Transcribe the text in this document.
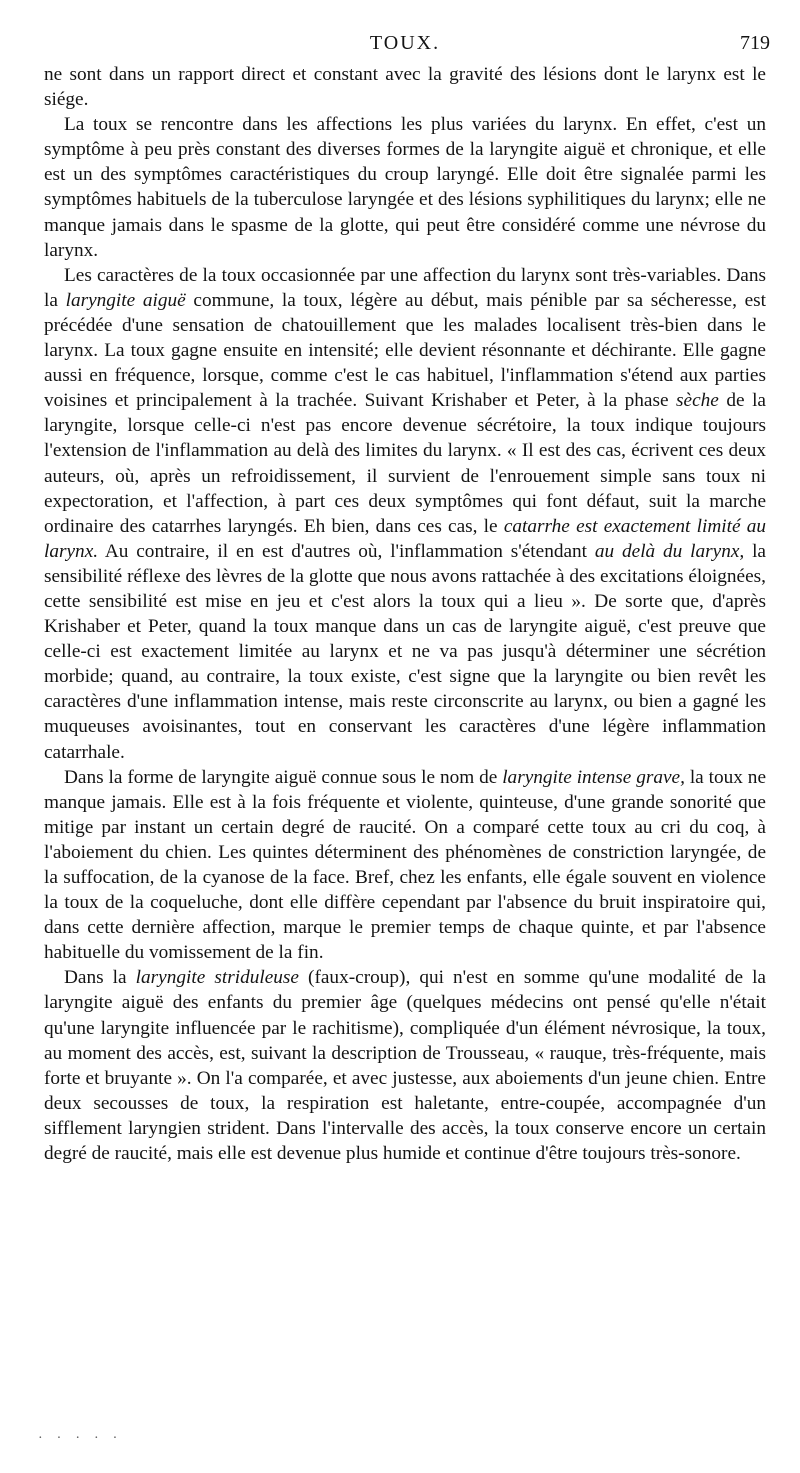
TOUX.	719

ne sont dans un rapport direct et constant avec la gravité des lésions dont le larynx est le siége.

La toux se rencontre dans les affections les plus variées du larynx. En effet, c'est un symptôme à peu près constant des diverses formes de la laryngite aiguë et chronique, et elle est un des symptômes caractéristiques du croup laryngé. Elle doit être signalée parmi les symptômes habituels de la tuberculose laryngée et des lésions syphilitiques du larynx; elle ne manque jamais dans le spasme de la glotte, qui peut être considéré comme une névrose du larynx.

Les caractères de la toux occasionnée par une affection du larynx sont très-variables. Dans la laryngite aiguë commune, la toux, légère au début, mais pénible par sa sécheresse, est précédée d'une sensation de chatouillement que les malades localisent très-bien dans le larynx. La toux gagne ensuite en intensité; elle devient résonnante et déchirante. Elle gagne aussi en fréquence, lorsque, comme c'est le cas habituel, l'inflammation s'étend aux parties voisines et principalement à la trachée. Suivant Krishaber et Peter, à la phase sèche de la laryngite, lorsque celle-ci n'est pas encore devenue sécrétoire, la toux indique toujours l'extension de l'inflammation au delà des limites du larynx. « Il est des cas, écrivent ces deux auteurs, où, après un refroidissement, il survient de l'enrouement simple sans toux ni expectoration, et l'affection, à part ces deux symptômes qui font défaut, suit la marche ordinaire des catarrhes laryngés. Eh bien, dans ces cas, le catarrhe est exactement limité au larynx. Au contraire, il en est d'autres où, l'inflammation s'étendant au delà du larynx, la sensibilité réflexe des lèvres de la glotte que nous avons rattachée à des excitations éloignées, cette sensibilité est mise en jeu et c'est alors la toux qui a lieu ». De sorte que, d'après Krishaber et Peter, quand la toux manque dans un cas de laryngite aiguë, c'est preuve que celle-ci est exactement limitée au larynx et ne va pas jusqu'à déterminer une sécrétion morbide; quand, au contraire, la toux existe, c'est signe que la laryngite ou bien revêt les caractères d'une inflammation intense, mais reste circonscrite au larynx, ou bien a gagné les muqueuses avoisinantes, tout en conservant les caractères d'une légère inflammation catarrhale.

Dans la forme de laryngite aiguë connue sous le nom de laryngite intense grave, la toux ne manque jamais. Elle est à la fois fréquente et violente, quinteuse, d'une grande sonorité que mitige par instant un certain degré de raucité. On a comparé cette toux au cri du coq, à l'aboiement du chien. Les quintes déterminent des phénomènes de constriction laryngée, de la suffocation, de la cyanose de la face. Bref, chez les enfants, elle égale souvent en violence la toux de la coqueluche, dont elle diffère cependant par l'absence du bruit inspiratoire qui, dans cette dernière affection, marque le premier temps de chaque quinte, et par l'absence habituelle du vomissement de la fin.

Dans la laryngite striduleuse (faux-croup), qui n'est en somme qu'une modalité de la laryngite aiguë des enfants du premier âge (quelques médecins ont pensé qu'elle n'était qu'une laryngite influencée par le rachitisme), compliquée d'un élément névrosique, la toux, au moment des accès, est, suivant la description de Trousseau, « rauque, très-fréquente, mais forte et bruyante ». On l'a comparée, et avec justesse, aux aboiements d'un jeune chien. Entre deux secousses de toux, la respiration est haletante, entre-coupée, accompagnée d'un sifflement laryngien strident. Dans l'intervalle des accès, la toux conserve encore un certain degré de raucité, mais elle est devenue plus humide et continue d'être toujours très-sonore.

·····
